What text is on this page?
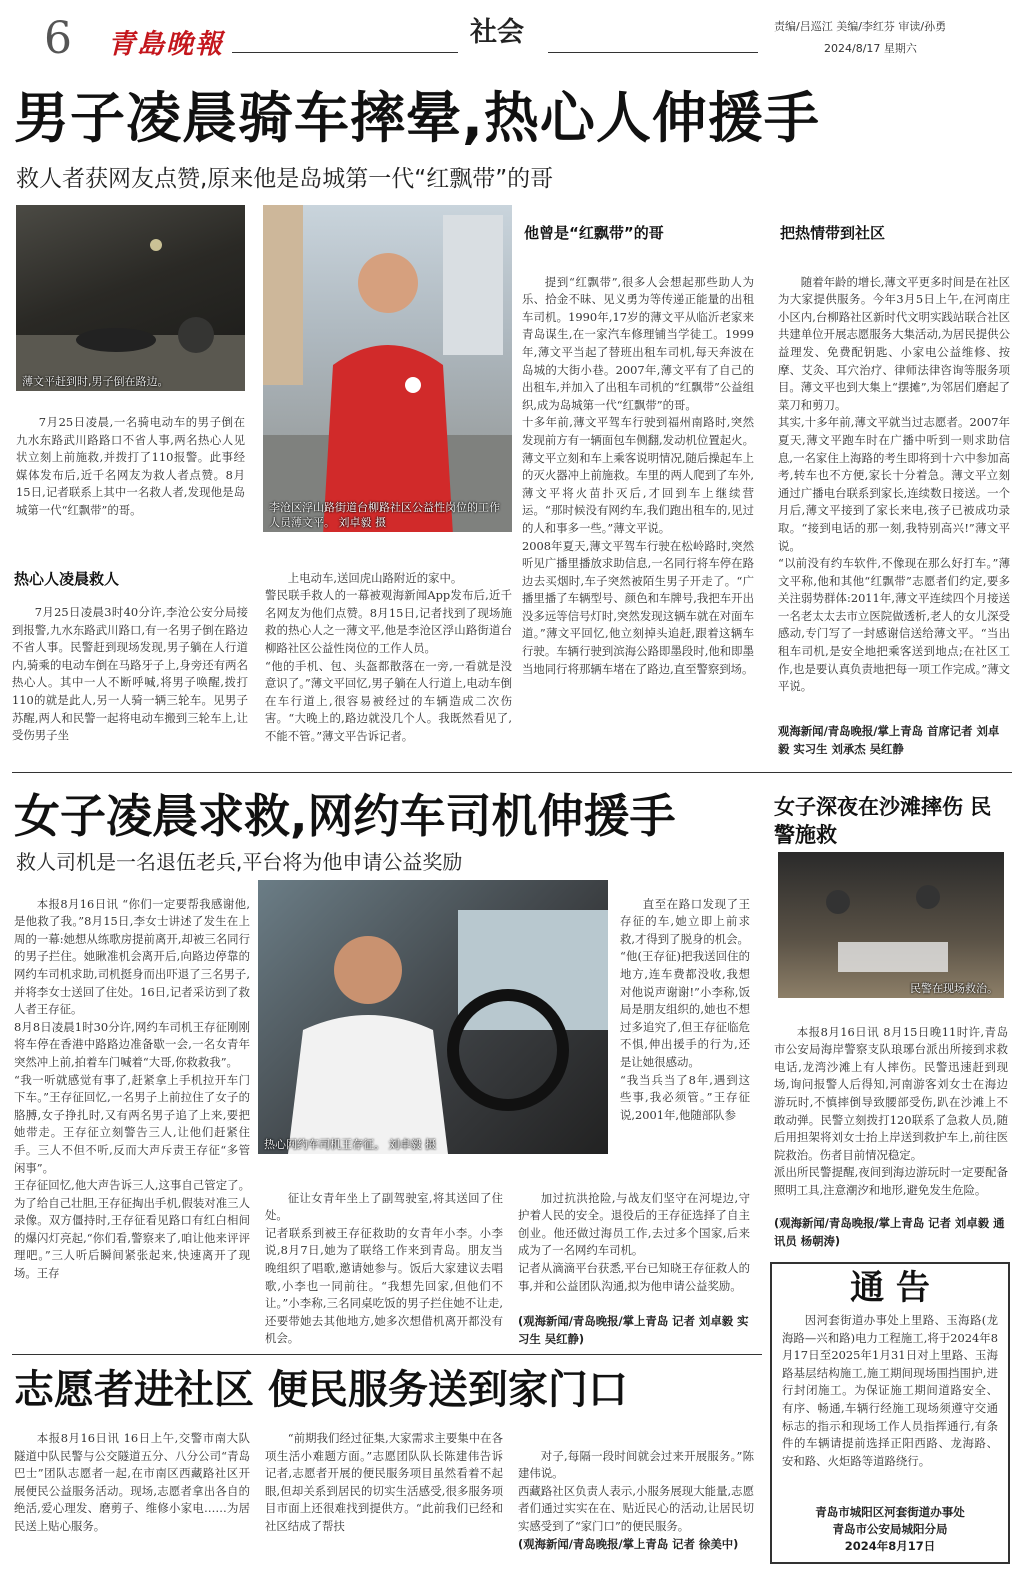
6 青島晚報	社会	责编/吕巡江 美编/李红芬 审读/孙勇
2024/8/17 星期六
男子凌晨骑车摔晕,热心人伸援手
救人者获网友点赞,原来他是岛城第一代“红飘带”的哥
薄文平赶到时,男子倒在路边。
李沧区浮山路街道台柳路社区公益性岗位的工作人员薄文平。 刘卓毅 摄

7月25日凌晨,一名骑电动车的男子倒在九水东路武川路路口不省人事,两名热心人见状立刻上前施救,并拨打了110报警。此事经媒体发布后,近千名网友为救人者点赞。8月15日,记者联系上其中一名救人者,发现他是岛城第一代“红飘带”的哥。

热心人凌晨救人

7月25日凌晨3时40分许,李沧公安分局接到报警,九水东路武川路口,有一名男子倒在路边不省人事。民警赶到现场发现,男子躺在人行道内,骑乘的电动车倒在马路牙子上,身旁还有两名热心人。其中一人不断呼喊,将男子唤醒,拨打110的就是此人,另一人骑一辆三轮车。见男子苏醒,两人和民警一起将电动车搬到三轮车上,让受伤男子坐

上电动车,送回虎山路附近的家中。
警民联手救人的一幕被观海新闻App发布后,近千名网友为他们点赞。8月15日,记者找到了现场施救的热心人之一薄文平,他是李沧区浮山路街道台柳路社区公益性岗位的工作人员。
“他的手机、包、头盔都散落在一旁,一看就是没意识了。”薄文平回忆,男子躺在人行道上,电动车倒在车行道上,很容易被经过的车辆造成二次伤害。“大晚上的,路边就没几个人。我既然看见了,不能不管。”薄文平告诉记者。

他曾是“红飘带”的哥

提到“红飘带”,很多人会想起那些助人为乐、拾金不昧、见义勇为等传递正能量的出租车司机。1990年,17岁的薄文平从临沂老家来青岛谋生,在一家汽车修理铺当学徒工。1999年,薄文平当起了替班出租车司机,每天奔波在岛城的大街小巷。2007年,薄文平有了自己的出租车,并加入了出租车司机的“红飘带”公益组织,成为岛城第一代“红飘带”的哥。
十多年前,薄文平驾车行驶到福州南路时,突然发现前方有一辆面包车侧翻,发动机位置起火。薄文平立刻和车上乘客说明情况,随后操起车上的灭火器冲上前施救。车里的两人爬到了车外,薄文平将火苗扑灭后,才回到车上继续营运。“那时候没有网约车,我们跑出租车的,见过的人和事多一些。”薄文平说。
2008年夏天,薄文平驾车行驶在松岭路时,突然听见广播里播放求助信息,一名同行将车停在路边去买烟时,车子突然被陌生男子开走了。“广播里播了车辆型号、颜色和车牌号,我把车开出没多远等信号灯时,突然发现这辆车就在对面车道。”薄文平回忆,他立刻掉头追赶,跟着这辆车行驶。车辆行驶到滨海公路即墨段时,他和即墨当地同行将那辆车堵在了路边,直至警察到场。

把热情带到社区

随着年龄的增长,薄文平更多时间是在社区为大家提供服务。今年3月5日上午,在河南庄小区内,台柳路社区新时代文明实践站联合社区共建单位开展志愿服务大集活动,为居民提供公益理发、免费配钥匙、小家电公益维修、按摩、艾灸、耳穴治疗、律师法律咨询等服务项目。薄文平也到大集上“摆摊”,为邻居们磨起了菜刀和剪刀。
其实,十多年前,薄文平就当过志愿者。2007年夏天,薄文平跑车时在广播中听到一则求助信息,一名家住上海路的考生即将到十六中参加高考,转车也不方便,家长十分着急。薄文平立刻通过广播电台联系到家长,连续数日接送。一个月后,薄文平接到了家长来电,孩子已被成功录取。“接到电话的那一刻,我特别高兴!”薄文平说。
“以前没有约车软件,不像现在那么好打车。”薄文平称,他和其他“红飘带”志愿者们约定,要多关注弱势群体:2011年,薄文平连续四个月接送一名老太太去市立医院做透析,老人的女儿深受感动,专门写了一封感谢信送给薄文平。“当出租车司机,是安全地把乘客送到地点;在社区工作,也是要认真负责地把每一项工作完成。”薄文平说。

观海新闻/青岛晚报/掌上青岛 首席记者 刘卓毅 实习生 刘承杰 吴红静
女子凌晨求救,网约车司机伸援手
救人司机是一名退伍老兵,平台将为他申请公益奖励

本报8月16日讯 “你们一定要帮我感谢他,是他救了我。”8月15日,李女士讲述了发生在上周的一幕:她想从练歌房提前离开,却被三名同行的男子拦住。她瞅准机会离开后,向路边停靠的网约车司机求助,司机挺身而出吓退了三名男子,并将李女士送回了住处。16日,记者采访到了救人者王存征。
8月8日凌晨1时30分许,网约车司机王存征刚刚将车停在香港中路路边准备歇一会,一名女青年突然冲上前,拍着车门喊着“大哥,你救救我”。
“我一听就感觉有事了,赶紧拿上手机拉开车门下车。”王存征回忆,一名男子上前拉住了女子的胳膊,女子挣扎时,又有两名男子追了上来,要把她带走。王存征立刻警告三人,让他们赶紧住手。三人不但不听,反而大声斥责王存征“多管闲事”。
王存征回忆,他大声告诉三人,这事自己管定了。为了给自己壮胆,王存征掏出手机,假装对准三人录像。双方僵持时,王存征看见路口有红白相间的爆闪灯亮起,“你们看,警察来了,咱让他来评评理吧。”三人听后瞬间紧张起来,快速离开了现场。王存

热心网约车司机王存征。 刘卓毅 摄

征让女青年坐上了副驾驶室,将其送回了住处。
记者联系到被王存征救助的女青年小李。小李说,8月7日,她为了联络工作来到青岛。朋友当晚组织了唱歌,邀请她参与。饭后大家建议去唱歌,小李也一同前往。“我想先回家,但他们不让。”小李称,三名同桌吃饭的男子拦住她不让走,还要带她去其他地方,她多次想借机离开都没有机会。

直至在路口发现了王存征的车,她立即上前求救,才得到了脱身的机会。
“他(王存征)把我送回住的地方,连车费都没收,我想对他说声谢谢!”小李称,饭局是朋友组织的,她也不想过多追究了,但王存征临危不惧,伸出援手的行为,还是让她很感动。
“我当兵当了8年,遇到这些事,我必须管。”王存征说,2001年,他随部队参

加过抗洪抢险,与战友们坚守在河堤边,守护着人民的安全。退役后的王存征选择了自主创业。他还做过海员工作,去过多个国家,后来成为了一名网约车司机。
记者从滴滴平台获悉,平台已知晓王存征救人的事,并和公益团队沟通,拟为他申请公益奖励。

(观海新闻/青岛晚报/掌上青岛 记者 刘卓毅 实习生 吴红静)
女子深夜在沙滩摔伤 民警施救
民警在现场救治。

本报8月16日讯 8月15日晚11时许,青岛市公安局海岸警察支队琅琊台派出所接到求救电话,龙湾沙滩上有人摔伤。民警迅速赶到现场,询问报警人后得知,河南游客刘女士在海边游玩时,不慎摔倒导致腰部受伤,趴在沙滩上不敢动弹。民警立刻拨打120联系了急救人员,随后用担架将刘女士抬上岸送到救护车上,前往医院救治。伤者目前情况稳定。
派出所民警提醒,夜间到海边游玩时一定要配备照明工具,注意潮汐和地形,避免发生危险。

(观海新闻/青岛晚报/掌上青岛 记者 刘卓毅 通讯员 杨朝涛)
通 告

因河套街道办事处上里路、玉海路(龙海路—兴和路)电力工程施工,将于2024年8月17日至2025年1月31日对上里路、玉海路基层结构施工,施工期间现场围挡围护,进行封闭施工。为保证施工期间道路安全、有序、畅通,车辆行经施工现场须遵守交通标志的指示和现场工作人员指挥通行,有条件的车辆请提前选择正阳西路、龙海路、安和路、火炬路等道路绕行。

青岛市城阳区河套街道办事处
青岛市公安局城阳分局
2024年8月17日
志愿者进社区 便民服务送到家门口

本报8月16日讯 16日上午,交警市南大队隧道中队民警与公交隧道五分、八分公司“青岛巴士”团队志愿者一起,在市南区西藏路社区开展便民公益服务活动。现场,志愿者拿出各自的绝活,爱心理发、磨剪子、维修小家电……为居民送上贴心服务。

“前期我们经过征集,大家需求主要集中在各项生活小难题方面。”志愿团队队长陈建伟告诉记者,志愿者开展的便民服务项目虽然看着不起眼,但却关系到居民的切实生活感受,很多服务项目市面上还很难找到提供方。“此前我们已经和社区结成了帮扶

对子,每隔一段时间就会过来开展服务。”陈建伟说。
西藏路社区负责人表示,小服务展现大能量,志愿者们通过实实在在、贴近民心的活动,让居民切实感受到了“家门口”的便民服务。

(观海新闻/青岛晚报/掌上青岛 记者 徐美中)
